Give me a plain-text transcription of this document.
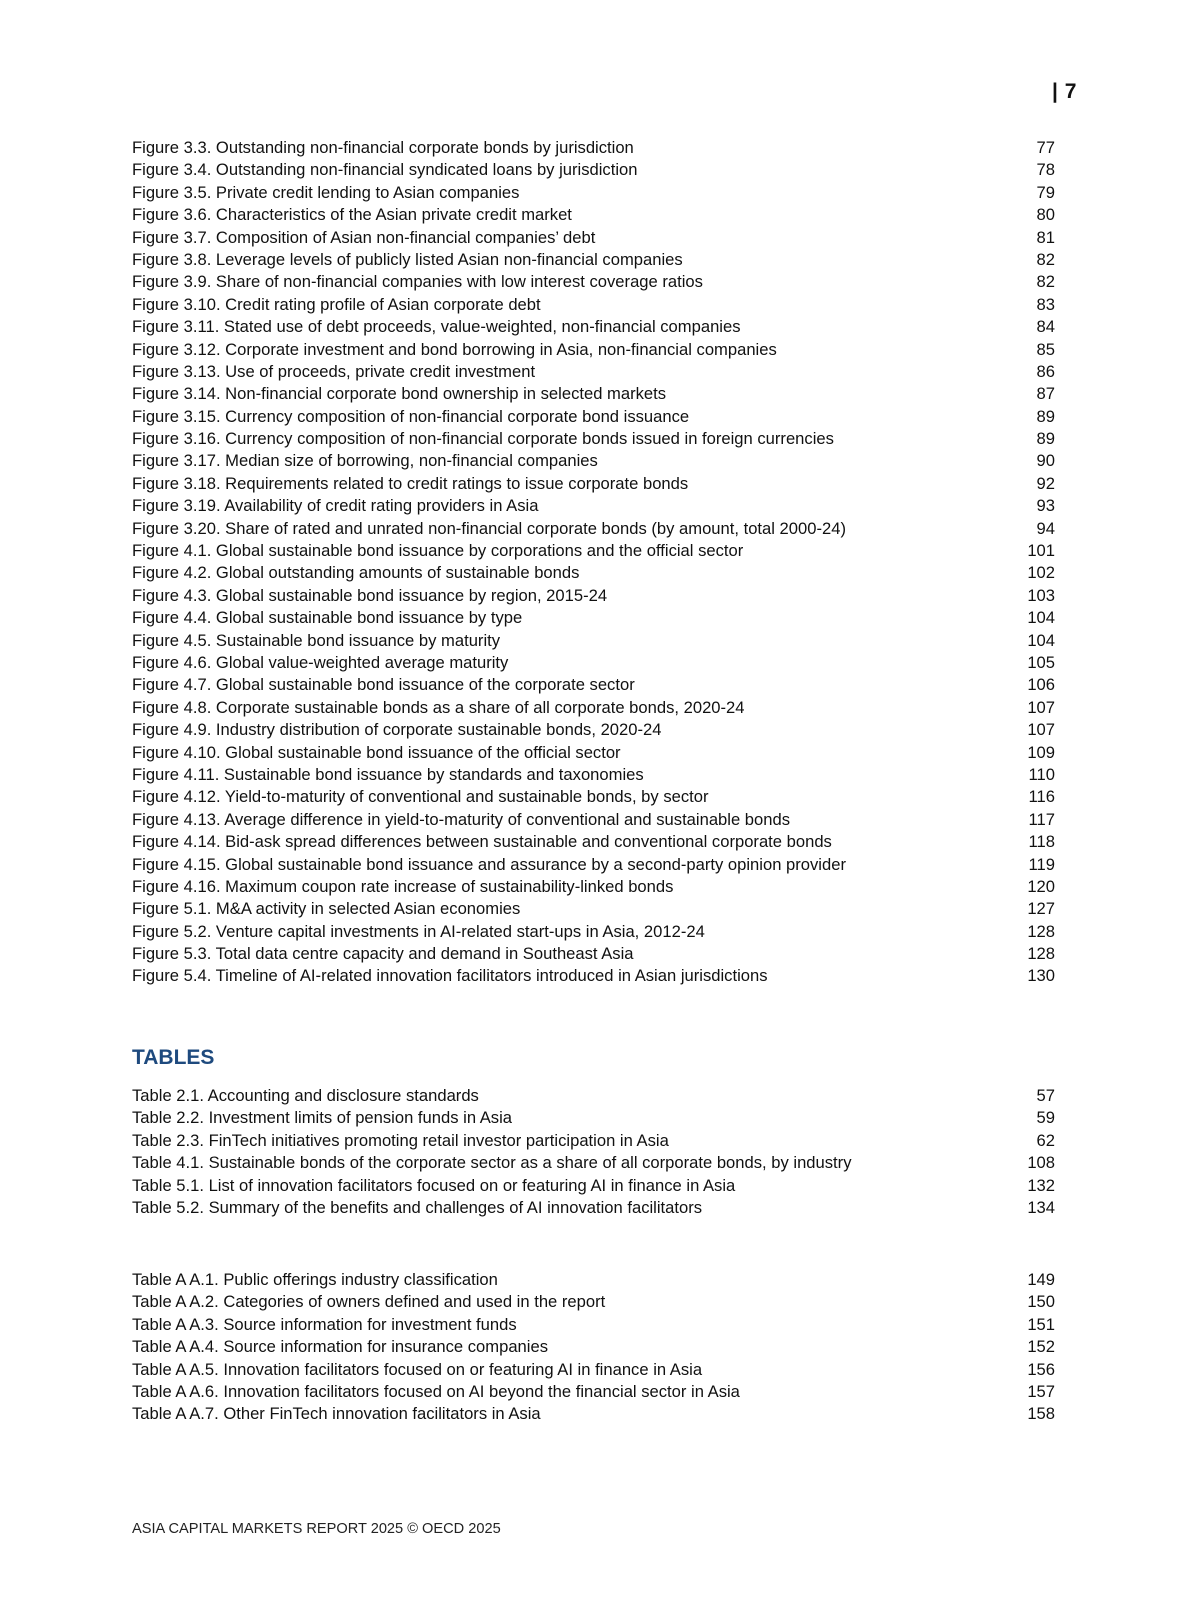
| 7
Figure 3.3. Outstanding non-financial corporate bonds by jurisdiction	77
Figure 3.4. Outstanding non-financial syndicated loans by jurisdiction	78
Figure 3.5. Private credit lending to Asian companies	79
Figure 3.6. Characteristics of the Asian private credit market	80
Figure 3.7. Composition of Asian non-financial companies’ debt	81
Figure 3.8. Leverage levels of publicly listed Asian non-financial companies	82
Figure 3.9. Share of non-financial companies with low interest coverage ratios	82
Figure 3.10. Credit rating profile of Asian corporate debt	83
Figure 3.11. Stated use of debt proceeds, value-weighted, non-financial companies	84
Figure 3.12. Corporate investment and bond borrowing in Asia, non-financial companies	85
Figure 3.13. Use of proceeds, private credit investment	86
Figure 3.14. Non-financial corporate bond ownership in selected markets	87
Figure 3.15. Currency composition of non-financial corporate bond issuance	89
Figure 3.16. Currency composition of non-financial corporate bonds issued in foreign currencies	89
Figure 3.17. Median size of borrowing, non-financial companies	90
Figure 3.18. Requirements related to credit ratings to issue corporate bonds	92
Figure 3.19. Availability of credit rating providers in Asia	93
Figure 3.20. Share of rated and unrated non-financial corporate bonds (by amount, total 2000-24)	94
Figure 4.1. Global sustainable bond issuance by corporations and the official sector	101
Figure 4.2. Global outstanding amounts of sustainable bonds	102
Figure 4.3. Global sustainable bond issuance by region, 2015-24	103
Figure 4.4. Global sustainable bond issuance by type	104
Figure 4.5. Sustainable bond issuance by maturity	104
Figure 4.6. Global value-weighted average maturity	105
Figure 4.7. Global sustainable bond issuance of the corporate sector	106
Figure 4.8. Corporate sustainable bonds as a share of all corporate bonds, 2020-24	107
Figure 4.9. Industry distribution of corporate sustainable bonds, 2020-24	107
Figure 4.10. Global sustainable bond issuance of the official sector	109
Figure 4.11. Sustainable bond issuance by standards and taxonomies	110
Figure 4.12. Yield-to-maturity of conventional and sustainable bonds, by sector	116
Figure 4.13. Average difference in yield-to-maturity of conventional and sustainable bonds	117
Figure 4.14. Bid-ask spread differences between sustainable and conventional corporate bonds	118
Figure 4.15. Global sustainable bond issuance and assurance by a second-party opinion provider	119
Figure 4.16. Maximum coupon rate increase of sustainability-linked bonds	120
Figure 5.1. M&A activity in selected Asian economies	127
Figure 5.2. Venture capital investments in AI-related start-ups in Asia, 2012-24	128
Figure 5.3. Total data centre capacity and demand in Southeast Asia	128
Figure 5.4. Timeline of AI-related innovation facilitators introduced in Asian jurisdictions	130
TABLES
Table 2.1. Accounting and disclosure standards	57
Table 2.2. Investment limits of pension funds in Asia	59
Table 2.3. FinTech initiatives promoting retail investor participation in Asia	62
Table 4.1. Sustainable bonds of the corporate sector as a share of all corporate bonds, by industry	108
Table 5.1. List of innovation facilitators focused on or featuring AI in finance in Asia	132
Table 5.2. Summary of the benefits and challenges of AI innovation facilitators	134
Table A A.1. Public offerings industry classification	149
Table A A.2. Categories of owners defined and used in the report	150
Table A A.3. Source information for investment funds	151
Table A A.4. Source information for insurance companies	152
Table A A.5. Innovation facilitators focused on or featuring AI in finance in Asia	156
Table A A.6. Innovation facilitators focused on AI beyond the financial sector in Asia	157
Table A A.7. Other FinTech innovation facilitators in Asia	158
ASIA CAPITAL MARKETS REPORT 2025 © OECD 2025
